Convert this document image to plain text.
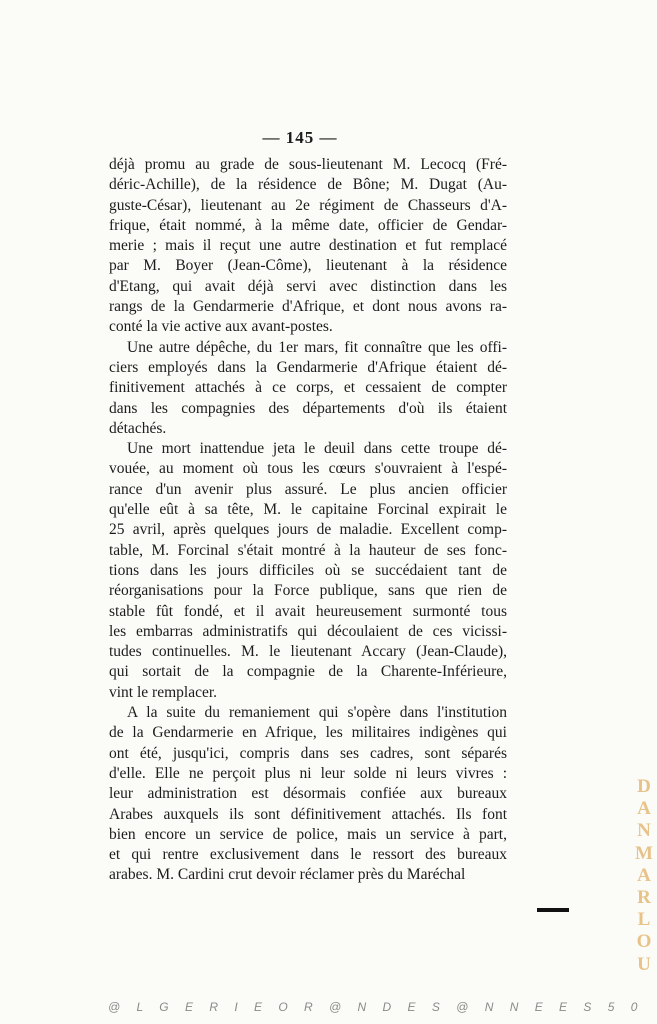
— 145 —
déjà promu au grade de sous-lieutenant M. Lecocq (Fré-
déric-Achille), de la résidence de Bône; M. Dugat (Au-
guste-César), lieutenant au 2e régiment de Chasseurs d'A-
frique, était nommé, à la même date, officier de Gendar-
merie ; mais il reçut une autre destination et fut remplacé
par M. Boyer (Jean-Côme), lieutenant à la résidence
d'Etang, qui avait déjà servi avec distinction dans les
rangs de la Gendarmerie d'Afrique, et dont nous avons ra-
conté la vie active aux avant-postes.
Une autre dépêche, du 1er mars, fit connaître que les offi-
ciers employés dans la Gendarmerie d'Afrique étaient dé-
finitivement attachés à ce corps, et cessaient de compter
dans les compagnies des départements d'où ils étaient
détachés.
Une mort inattendue jeta le deuil dans cette troupe dé-
vouée, au moment où tous les cœurs s'ouvraient à l'espé-
rance d'un avenir plus assuré. Le plus ancien officier
qu'elle eût à sa tête, M. le capitaine Forcinal expirait le
25 avril, après quelques jours de maladie. Excellent comp-
table, M. Forcinal s'était montré à la hauteur de ses fonc-
tions dans les jours difficiles où se succédaient tant de
réorganisations pour la Force publique, sans que rien de
stable fût fondé, et il avait heureusement surmonté tous
les embarras administratifs qui découlaient de ces vicissi-
tudes continuelles. M. le lieutenant Accary (Jean-Claude),
qui sortait de la compagnie de la Charente-Inférieure,
vint le remplacer.
A la suite du remaniement qui s'opère dans l'institution
de la Gendarmerie en Afrique, les militaires indigènes qui
ont été, jusqu'ici, compris dans ses cadres, sont séparés
d'elle. Elle ne perçoit plus ni leur solde ni leurs vivres :
leur administration est désormais confiée aux bureaux
Arabes auxquels ils sont définitivement attachés. Ils font
bien encore un service de police, mais un service à part,
et qui rentre exclusivement dans le ressort des bureaux
arabes. M. Cardini crut devoir réclamer près du Maréchal
D
A
N
M
A
R
L
O
U
@ L G E R I E O R @ N D E S @ N N E E S 5 0
